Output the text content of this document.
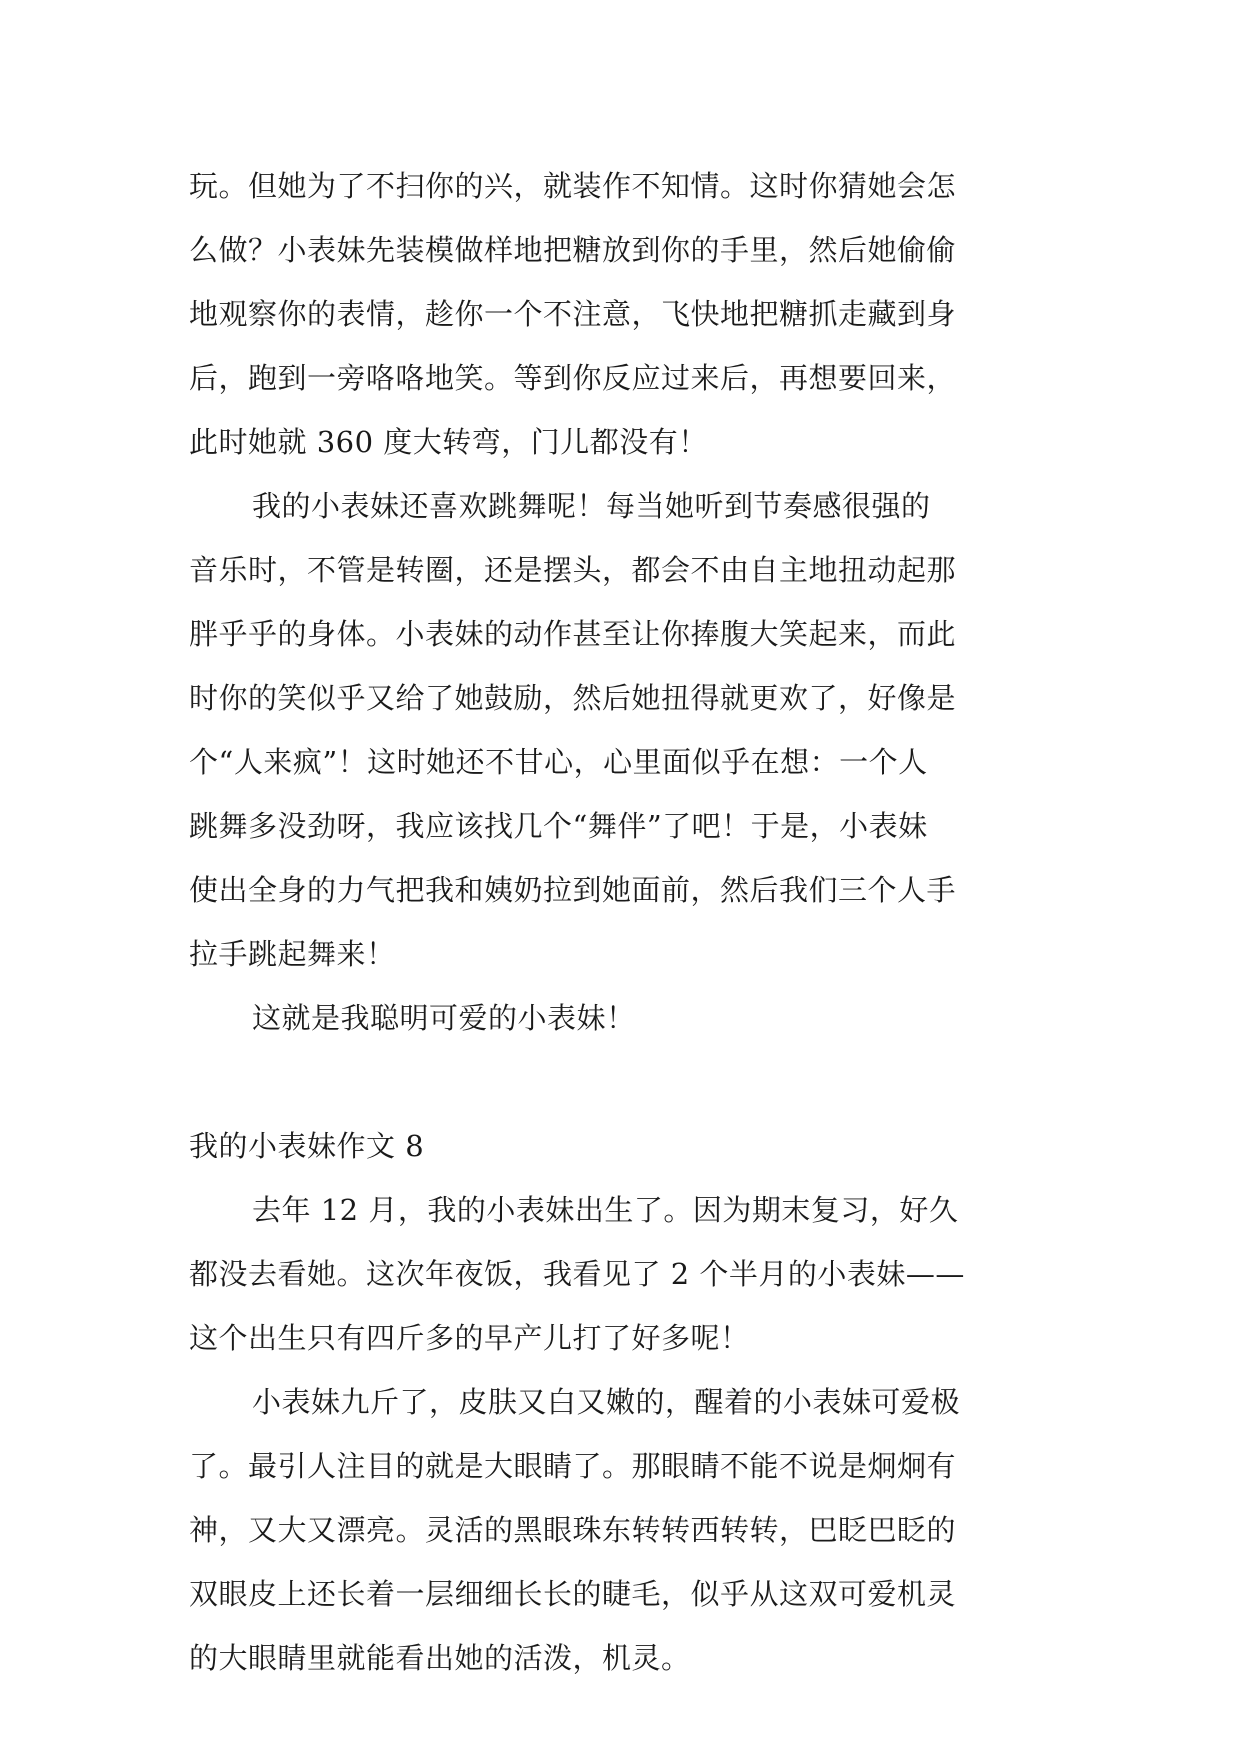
玩。但她为了不扫你的兴，就装作不知情。这时你猜她会怎
么做？小表妹先装模做样地把糖放到你的手里，然后她偷偷
地观察你的表情，趁你一个不注意，飞快地把糖抓走藏到身
后，跑到一旁咯咯地笑。等到你反应过来后，再想要回来，
此时她就 360 度大转弯，门儿都没有！
我的小表妹还喜欢跳舞呢！每当她听到节奏感很强的
音乐时，不管是转圈，还是摆头，都会不由自主地扭动起那
胖乎乎的身体。小表妹的动作甚至让你捧腹大笑起来，而此
时你的笑似乎又给了她鼓励，然后她扭得就更欢了，好像是
个“人来疯”！这时她还不甘心，心里面似乎在想：一个人
跳舞多没劲呀，我应该找几个“舞伴”了吧！于是，小表妹
使出全身的力气把我和姨奶拉到她面前，然后我们三个人手
拉手跳起舞来！
这就是我聪明可爱的小表妹！
我的小表妹作文 8
去年 12 月，我的小表妹出生了。因为期末复习，好久
都没去看她。这次年夜饭，我看见了 2 个半月的小表妹——
这个出生只有四斤多的早产儿打了好多呢！
小表妹九斤了，皮肤又白又嫩的，醒着的小表妹可爱极
了。最引人注目的就是大眼睛了。那眼睛不能不说是炯炯有
神，又大又漂亮。灵活的黑眼珠东转转西转转，巴眨巴眨的
双眼皮上还长着一层细细长长的睫毛，似乎从这双可爱机灵
的大眼睛里就能看出她的活泼，机灵。
